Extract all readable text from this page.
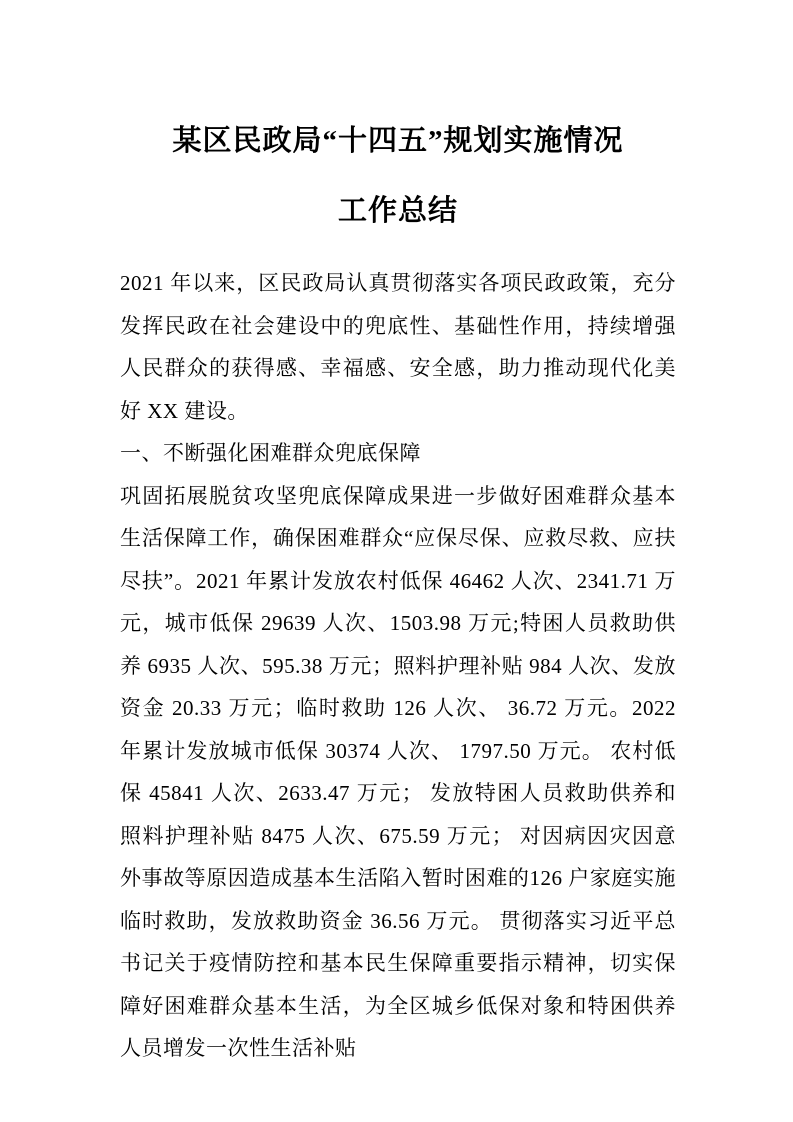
某区民政局“十四五”规划实施情况
工作总结

2021 年以来，区民政局认真贯彻落实各项民政政策，充分发挥民政在社会建设中的兜底性、基础性作用，持续增强人民群众的获得感、幸福感、安全感，助力推动现代化美好 XX 建设。

一、不断强化困难群众兜底保障

巩固拓展脱贫攻坚兜底保障成果进一步做好困难群众基本生活保障工作，确保困难群众“应保尽保、应救尽救、应扶尽扶”。2021 年累计发放农村低保 46462 人次、2341.71 万元，城市低保 29639 人次、1503.98 万元;特困人员救助供养 6935 人次、595.38 万元；照料护理补贴 984 人次、发放资金 20.33 万元；临时救助 126 人次、 36.72 万元。2022 年累计发放城市低保 30374 人次、 1797.50 万元。 农村低保 45841 人次、2633.47 万元； 发放特困人员救助供养和照料护理补贴 8475 人次、675.59 万元； 对因病因灾因意外事故等原因造成基本生活陷入暂时困难的126 户家庭实施临时救助，发放救助资金 36.56 万元。 贯彻落实习近平总书记关于疫情防控和基本民生保障重要指示精神，切实保障好困难群众基本生活，为全区城乡低保对象和特困供养人员增发一次性生活补贴
